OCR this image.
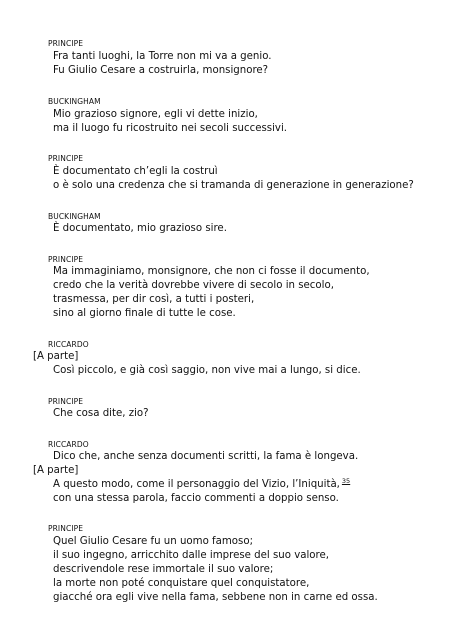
PRINCIPE
Fra tanti luoghi, la Torre non mi va a genio.
Fu Giulio Cesare a costruirla, monsignore?
BUCKINGHAM
Mio grazioso signore, egli vi dette inizio,
ma il luogo fu ricostruito nei secoli successivi.
PRINCIPE
È documentato ch’egli la costruì
o è solo una credenza che si tramanda di generazione in generazione?
BUCKINGHAM
È documentato, mio grazioso sire.
PRINCIPE
Ma immaginiamo, monsignore, che non ci fosse il documento,
credo che la verità dovrebbe vivere di secolo in secolo,
trasmessa, per dir così, a tutti i posteri,
sino al giorno finale di tutte le cose.
RICCARDO
[A parte]
Così piccolo, e già così saggio, non vive mai a lungo, si dice.
PRINCIPE
Che cosa dite, zio?
RICCARDO
Dico che, anche senza documenti scritti, la fama è longeva.
[A parte]
A questo modo, come il personaggio del Vizio, l’Iniquità, $^{35}$
con una stessa parola, faccio commenti a doppio senso.
PRINCIPE
Quel Giulio Cesare fu un uomo famoso;
il suo ingegno, arricchito dalle imprese del suo valore,
descrivendole rese immortale il suo valore;
la morte non poté conquistare quel conquistatore,
giacché ora egli vive nella fama, sebbene non in carne ed ossa.
